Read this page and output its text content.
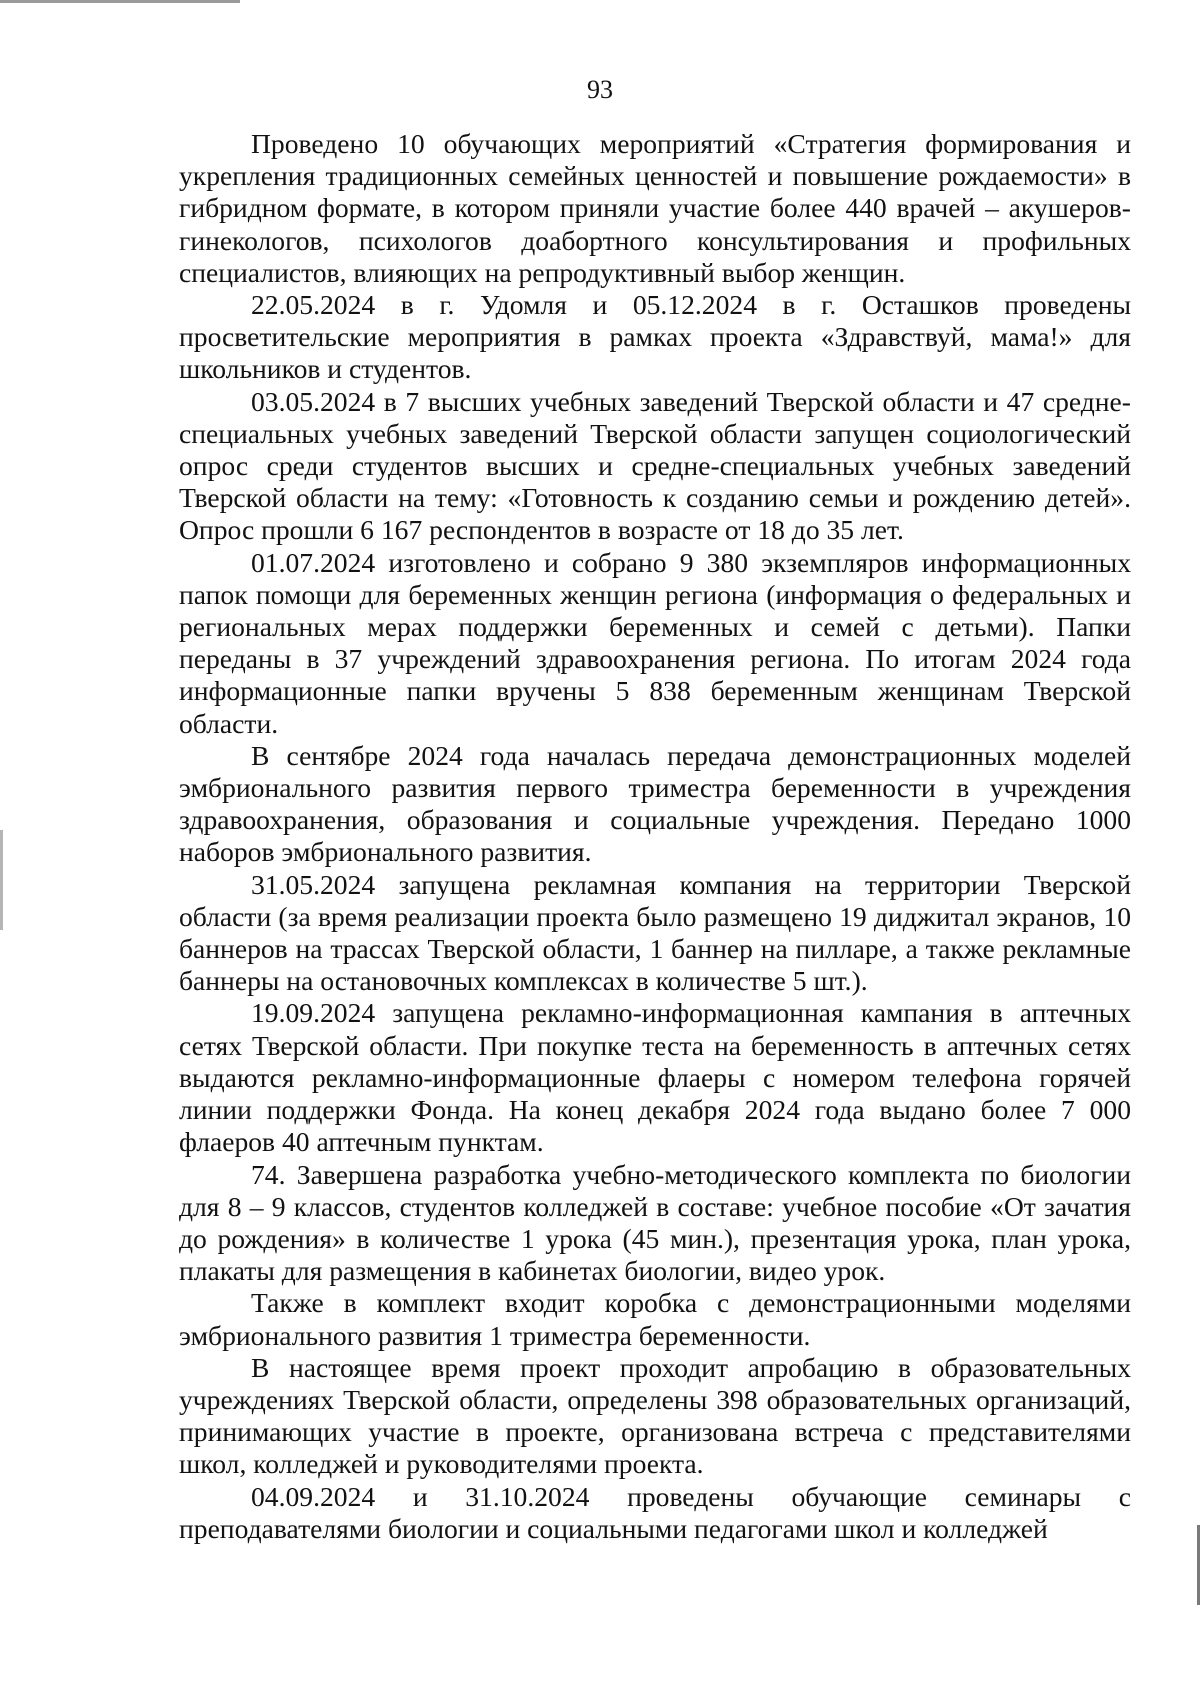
93

Проведено 10 обучающих мероприятий «Стратегия формирования и укрепления традиционных семейных ценностей и повышение рождаемости» в гибридном формате, в котором приняли участие более 440 врачей – акушеров-гинекологов, психологов доабортного консультирования и профильных специалистов, влияющих на репродуктивный выбор женщин.

22.05.2024 в г. Удомля и 05.12.2024 в г. Осташков проведены просветительские мероприятия в рамках проекта «Здравствуй, мама!» для школьников и студентов.

03.05.2024 в 7 высших учебных заведений Тверской области и 47 средне-специальных учебных заведений Тверской области запущен социологический опрос среди студентов высших и средне-специальных учебных заведений Тверской области на тему: «Готовность к созданию семьи и рождению детей». Опрос прошли 6 167 респондентов в возрасте от 18 до 35 лет.

01.07.2024 изготовлено и собрано 9 380 экземпляров информационных папок помощи для беременных женщин региона (информация о федеральных и региональных мерах поддержки беременных и семей с детьми). Папки переданы в 37 учреждений здравоохранения региона. По итогам 2024 года информационные папки вручены 5 838 беременным женщинам Тверской области.

В сентябре 2024 года началась передача демонстрационных моделей эмбрионального развития первого триместра беременности в учреждения здравоохранения, образования и социальные учреждения. Передано 1000 наборов эмбрионального развития.

31.05.2024 запущена рекламная компания на территории Тверской области (за время реализации проекта было размещено 19 диджитал экранов, 10 баннеров на трассах Тверской области, 1 баннер на пилларе, а также рекламные баннеры на остановочных комплексах в количестве 5 шт.).

19.09.2024 запущена рекламно-информационная кампания в аптечных сетях Тверской области. При покупке теста на беременность в аптечных сетях выдаются рекламно-информационные флаеры с номером телефона горячей линии поддержки Фонда. На конец декабря 2024 года выдано более 7 000 флаеров 40 аптечным пунктам.

74. Завершена разработка учебно-методического комплекта по биологии для 8 – 9 классов, студентов колледжей в составе: учебное пособие «От зачатия до рождения» в количестве 1 урока (45 мин.), презентация урока, план урока, плакаты для размещения в кабинетах биологии, видео урок.

Также в комплект входит коробка с демонстрационными моделями эмбрионального развития 1 триместра беременности.

В настоящее время проект проходит апробацию в образовательных учреждениях Тверской области, определены 398 образовательных организаций, принимающих участие в проекте, организована встреча с представителями школ, колледжей и руководителями проекта.

04.09.2024 и 31.10.2024 проведены обучающие семинары с преподавателями биологии и социальными педагогами школ и колледжей
